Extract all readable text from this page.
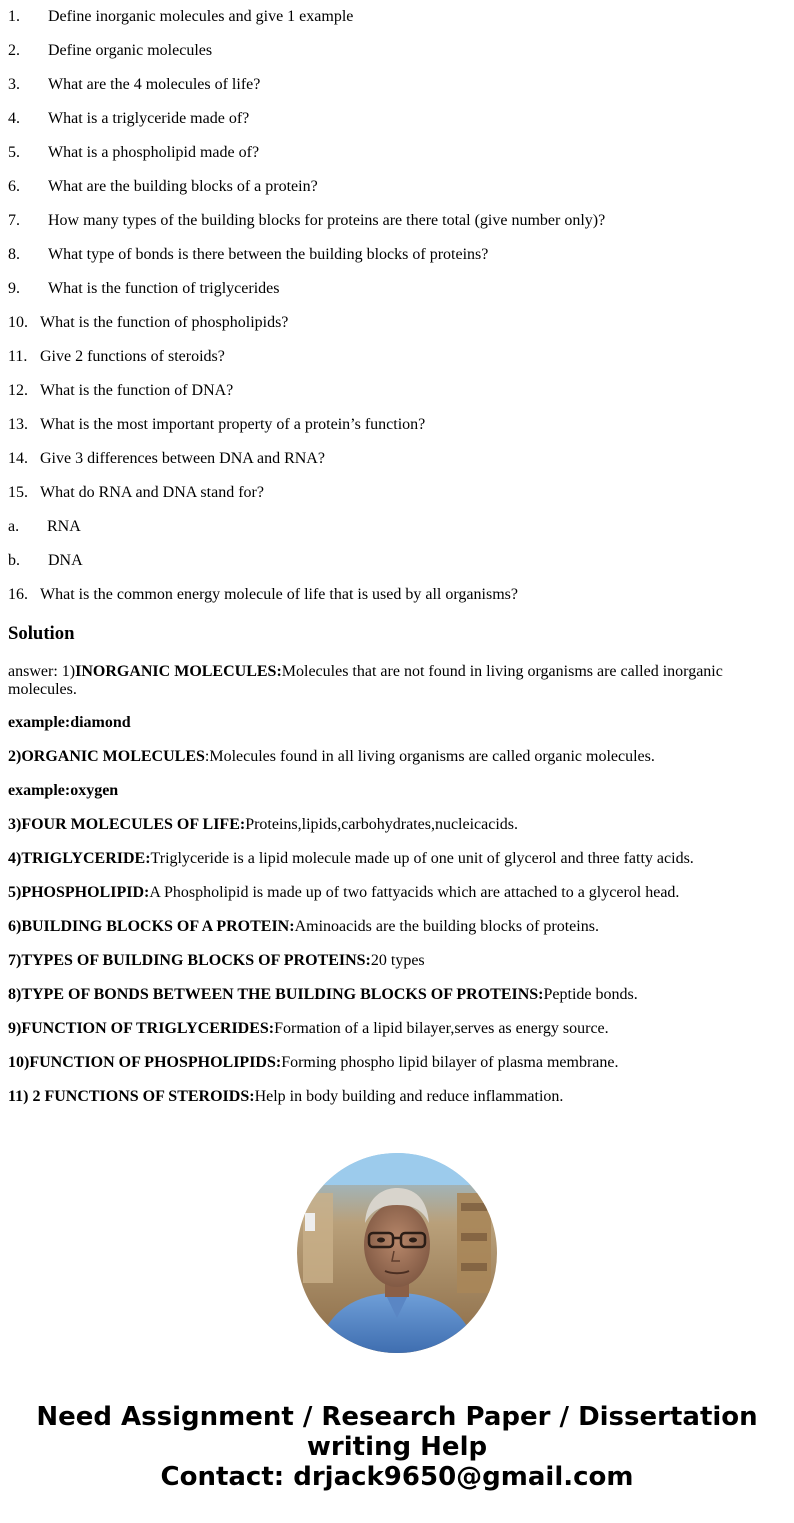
1. Define inorganic molecules and give 1 example
2. Define organic molecules
3. What are the 4 molecules of life?
4. What is a triglyceride made of?
5. What is a phospholipid made of?
6. What are the building blocks of a protein?
7. How many types of the building blocks for proteins are there total (give number only)?
8. What type of bonds is there between the building blocks of proteins?
9. What is the function of triglycerides
10. What is the function of phospholipids?
11. Give 2 functions of steroids?
12. What is the function of DNA?
13. What is the most important property of a protein’s function?
14. Give 3 differences between DNA and RNA?
15. What do RNA and DNA stand for?
a. RNA
b. DNA
16. What is the common energy molecule of life that is used by all organisms?
Solution
answer: 1)INORGANIC MOLECULES:Molecules that are not found in living organisms are called inorganic molecules.
example:diamond
2)ORGANIC MOLECULES:Molecules found in all living organisms are called organic molecules.
example:oxygen
3)FOUR MOLECULES OF LIFE:Proteins,lipids,carbohydrates,nucleicacids.
4)TRIGLYCERIDE:Triglyceride is a lipid molecule made up of one unit of glycerol and three fatty acids.
5)PHOSPHOLIPID:A Phospholipid is made up of two fattyacids which are attached to a glycerol head.
6)BUILDING BLOCKS OF A PROTEIN:Aminoacids are the building blocks of proteins.
7)TYPES OF BUILDING BLOCKS OF PROTEINS:20 types
8)TYPE OF BONDS BETWEEN THE BUILDING BLOCKS OF PROTEINS:Peptide bonds.
9)FUNCTION OF TRIGLYCERIDES:Formation of a lipid bilayer,serves as energy source.
10)FUNCTION OF PHOSPHOLIPIDS:Forming phospho lipid bilayer of plasma membrane.
11) 2 FUNCTIONS OF STEROIDS:Help in body building and reduce inflammation.
Need Assignment / Research Paper / Dissertation
writing Help
Contact: drjack9650@gmail.com
